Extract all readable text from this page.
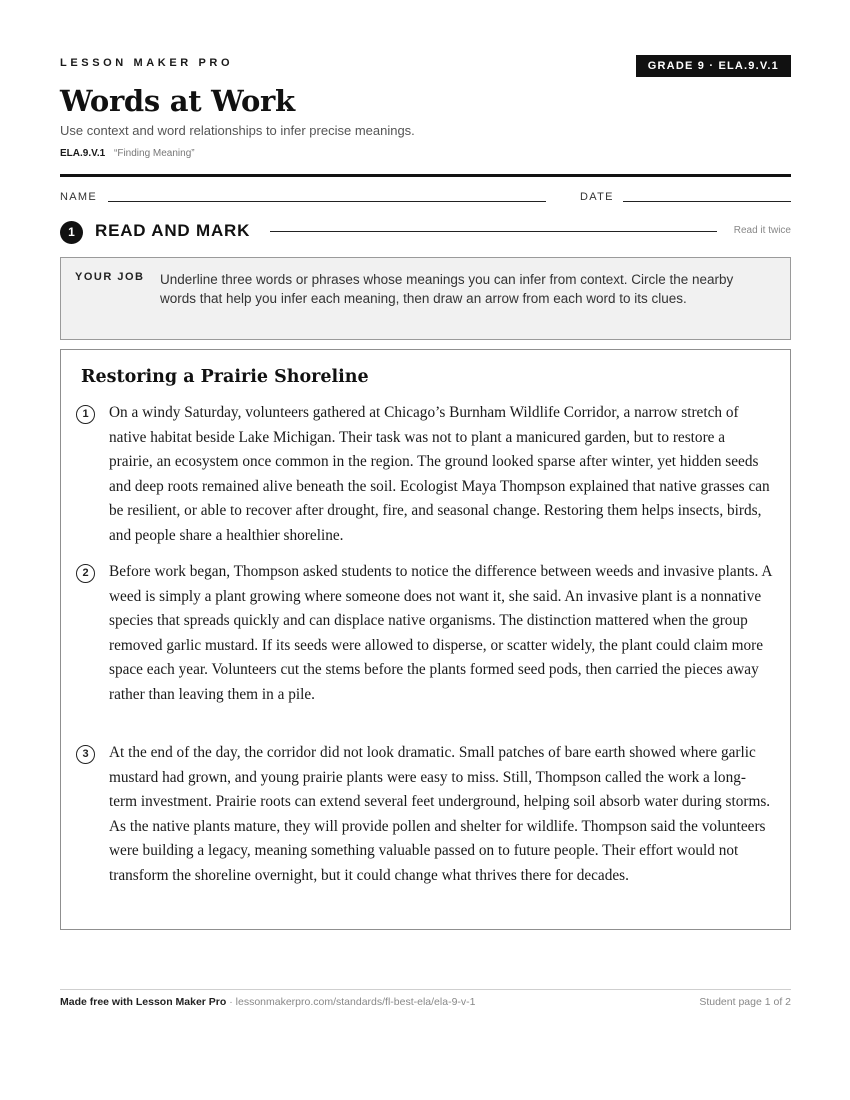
LESSON MAKER PRO	GRADE 9 · ELA.9.V.1
Words at Work
Use context and word relationships to infer precise meanings.
ELA.9.V.1 “Finding Meaning”
NAME	DATE
1	READ AND MARK	Read it twice
YOUR JOB Underline three words or phrases whose meanings you can infer from context. Circle the nearby words that help you infer each meaning, then draw an arrow from each word to its clues.
Restoring a Prairie Shoreline
1	On a windy Saturday, volunteers gathered at Chicago’s Burnham Wildlife Corridor, a narrow stretch of native habitat beside Lake Michigan. Their task was not to plant a manicured garden, but to restore a prairie, an ecosystem once common in the region. The ground looked sparse after winter, yet hidden seeds and deep roots remained alive beneath the soil. Ecologist Maya Thompson explained that native grasses can be resilient, or able to recover after drought, fire, and seasonal change. Restoring them helps insects, birds, and people share a healthier shoreline.

2	Before work began, Thompson asked students to notice the difference between weeds and invasive plants. A weed is simply a plant growing where someone does not want it, she said. An invasive plant is a nonnative species that spreads quickly and can displace native organisms. The distinction mattered when the group removed garlic mustard. If its seeds were allowed to disperse, or scatter widely, the plant could claim more space each year. Volunteers cut the stems before the plants formed seed pods, then carried the pieces away rather than leaving them in a pile.

3	At the end of the day, the corridor did not look dramatic. Small patches of bare earth showed where garlic mustard had grown, and young prairie plants were easy to miss. Still, Thompson called the work a long-term investment. Prairie roots can extend several feet underground, helping soil absorb water during storms. As the native plants mature, they will provide pollen and shelter for wildlife. Thompson said the volunteers were building a legacy, meaning something valuable passed on to future people. Their effort would not transform the shoreline overnight, but it could change what thrives there for decades.

Made free with Lesson Maker Pro · lessonmakerpro.com/standards/fl-best-ela/ela-9-v-1	Student page 1 of 2
